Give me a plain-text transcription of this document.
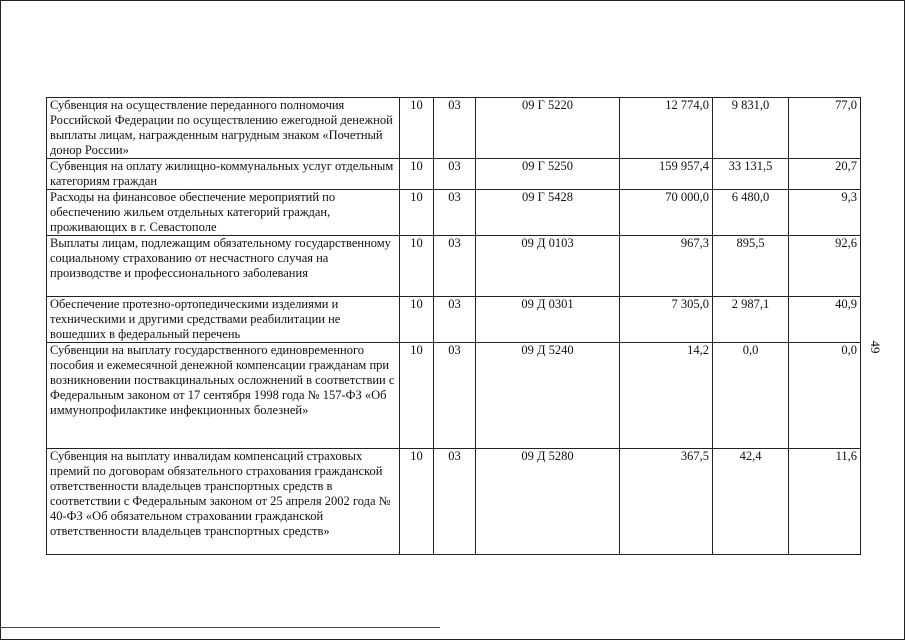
Субвенция на осуществление переданного полномочия Российской Федерации по осуществлению ежегодной денежной выплаты лицам, награжденным нагрудным знаком «Почетный донор России»	10	03	09 Г 5220	12 774,0	9 831,0	77,0
Субвенция на оплату жилищно-коммунальных услуг отдельным категориям граждан	10	03	09 Г 5250	159 957,4	33 131,5	20,7
Расходы на финансовое обеспечение мероприятий по обеспечению жильем отдельных категорий граждан, проживающих в г. Севастополе	10	03	09 Г 5428	70 000,0	6 480,0	9,3
Выплаты лицам, подлежащим обязательному государственному социальному страхованию от несчастного случая на производстве и профессионального заболевания	10	03	09 Д 0103	967,3	895,5	92,6
Обеспечение протезно-ортопедическими изделиями и техническими и другими средствами реабилитации не вошедших в федеральный перечень	10	03	09 Д 0301	7 305,0	2 987,1	40,9
Субвенции на выплату государственного единовременного пособия и ежемесячной денежной компенсации гражданам при возникновении поствакцинальных осложнений в соответствии с Федеральным законом от 17 сентября 1998 года № 157-ФЗ «Об иммунопрофилактике инфекционных болезней»	10	03	09 Д 5240	14,2	0,0	0,0
Субвенция на выплату инвалидам компенсаций страховых премий по договорам обязательного страхования гражданской ответственности владельцев транспортных средств в соответствии с Федеральным законом от 25 апреля 2002 года № 40-ФЗ «Об обязательном страховании гражданской ответственности владельцев транспортных средств»	10	03	09 Д 5280	367,5	42,4	11,6
49
